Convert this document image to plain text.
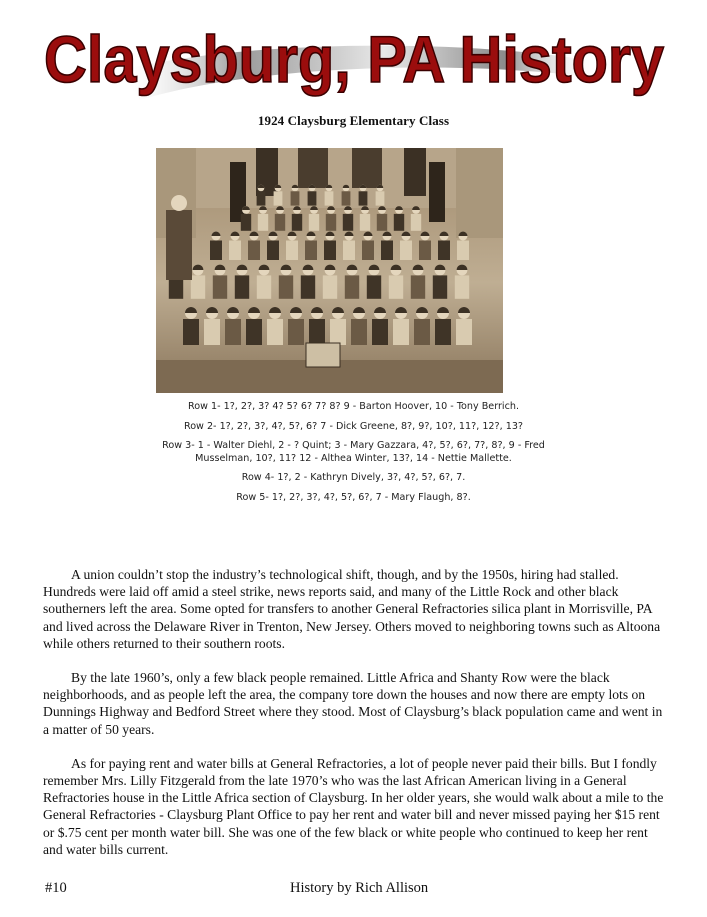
Claysburg, PA History
1924 Claysburg Elementary Class
Row 1- 1?, 2?, 3? 4? 5? 6? 7? 8? 9 - Barton Hoover, 10 - Tony Berrich.
Row 2- 1?, 2?, 3?, 4?, 5?, 6? 7 - Dick Greene, 8?, 9?, 10?, 11?, 12?, 13?
Row 3- 1 - Walter Diehl, 2 - ? Quint; 3 - Mary Gazzara, 4?, 5?, 6?, 7?, 8?, 9 - Fred Musselman, 10?, 11? 12 - Althea Winter, 13?, 14 - Nettie Mallette.
Row 4- 1?, 2 - Kathryn Dively, 3?, 4?, 5?, 6?, 7.
Row 5- 1?, 2?, 3?, 4?, 5?, 6?, 7 - Mary Flaugh, 8?.

A union couldn’t stop the industry’s technological shift, though, and by the 1950s, hiring had stalled. Hundreds were laid off amid a steel strike, news reports said, and many of the Little Rock and other black southerners left the area. Some opted for transfers to another General Refractories silica plant in Morrisville, PA and lived across the Delaware River in Trenton, New Jersey. Others moved to neighboring towns such as Altoona while others returned to their southern roots.

By the late 1960’s, only a few black people remained. Little Africa and Shanty Row were the black neighborhoods, and as people left the area, the company tore down the houses and now there are empty lots on Dunnings Highway and Bedford Street where they stood. Most of Claysburg’s black population came and went in a matter of 50 years.

As for paying rent and water bills at General Refractories, a lot of people never paid their bills. But I fondly remember Mrs. Lilly Fitzgerald from the late 1970’s who was the last African American living in a General Refractories house in the Little Africa section of Claysburg. In her older years, she would walk about a mile to the General Refractories - Claysburg Plant Office to pay her rent and water bill and never missed paying her $15 rent or $.75 cent per month water bill. She was one of the few black or white people who continued to keep her rent and water bills current.

#10	History by Rich Allison
